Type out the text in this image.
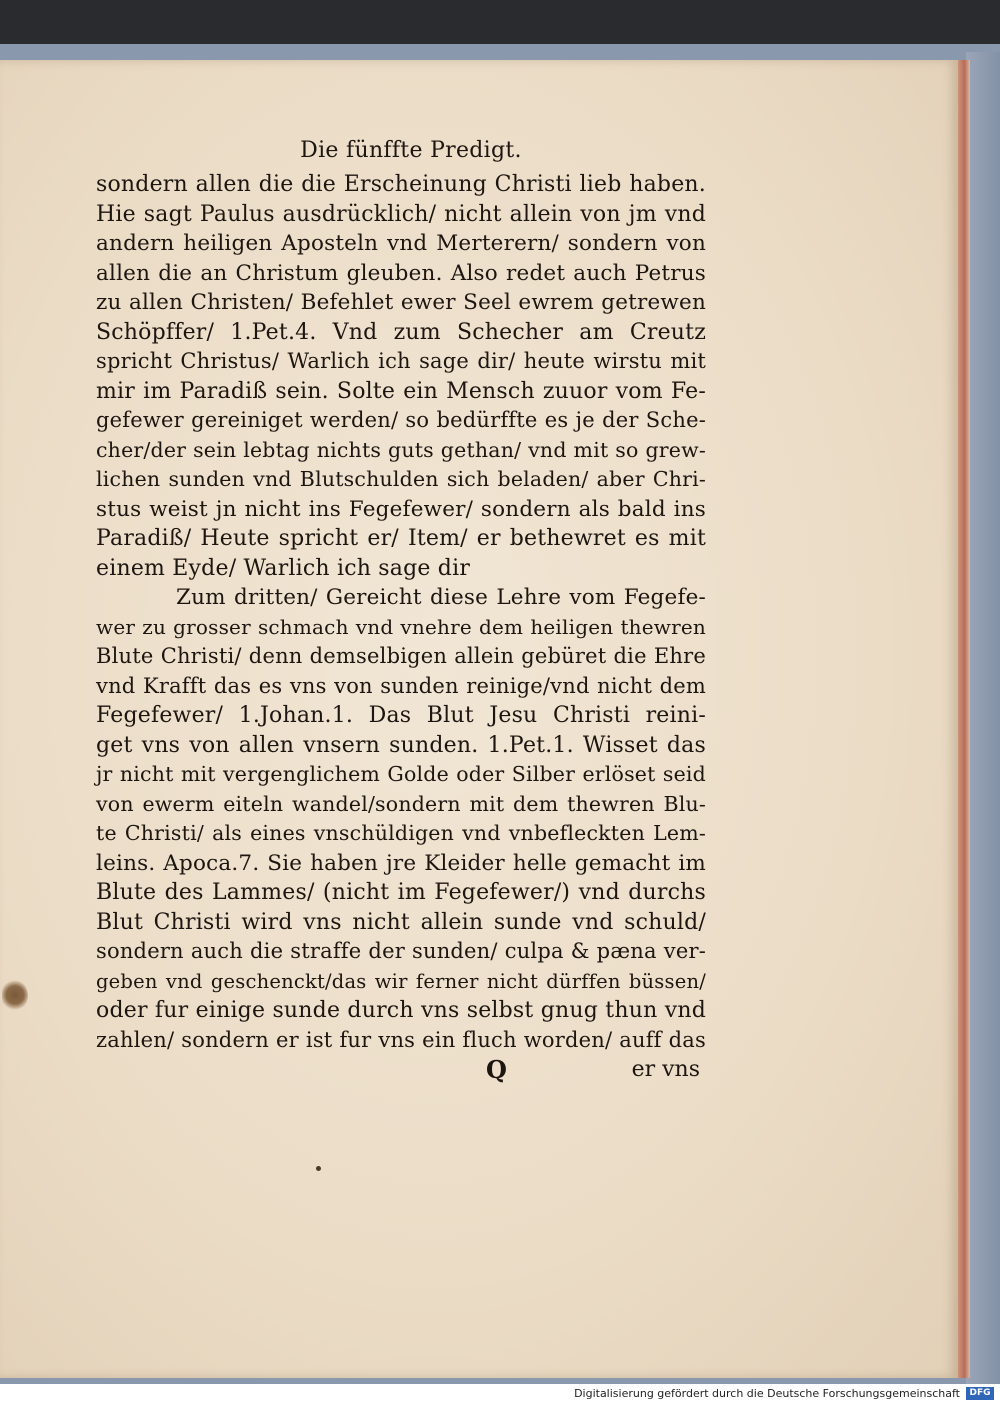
Die fünffte Predigt.
sondern allen die die Erscheinung Christi lieb haben.
Hie sagt Paulus ausdrücklich/ nicht allein von jm vnd
andern heiligen Aposteln vnd Merterern/ sondern von
allen die an Christum gleuben. Also redet auch Petrus
zu allen Christen/ Befehlet ewer Seel ewrem getrewen
Schöpffer/ 1.Pet.4. Vnd zum Schecher am Creutz
spricht Christus/ Warlich ich sage dir/ heute wirstu mit
mir im Paradiß sein. Solte ein Mensch zuuor vom Fe-
gefewer gereiniget werden/ so bedürffte es je der Sche-
cher/der sein lebtag nichts guts gethan/ vnd mit so grew-
lichen sunden vnd Blutschulden sich beladen/ aber Chri-
stus weist jn nicht ins Fegefewer/ sondern als bald ins
Paradiß/ Heute spricht er/ Item/ er bethewret es mit
einem Eyde/ Warlich ich sage dir
Zum dritten/ Gereicht diese Lehre vom Fegefe-
wer zu grosser schmach vnd vnehre dem heiligen thewren
Blute Christi/ denn demselbigen allein gebüret die Ehre
vnd Krafft das es vns von sunden reinige/vnd nicht dem
Fegefewer/ 1.Johan.1. Das Blut Jesu Christi reini-
get vns von allen vnsern sunden. 1.Pet.1. Wisset das
jr nicht mit vergenglichem Golde oder Silber erlöset seid
von ewerm eiteln wandel/sondern mit dem thewren Blu-
te Christi/ als eines vnschüldigen vnd vnbefleckten Lem-
leins. Apoca.7. Sie haben jre Kleider helle gemacht im
Blute des Lammes/ (nicht im Fegefewer/) vnd durchs
Blut Christi wird vns nicht allein sunde vnd schuld/
sondern auch die straffe der sunden/ culpa & pæna ver-
geben vnd geschenckt/das wir ferner nicht dürffen büssen/
oder fur einige sunde durch vns selbst gnug thun vnd
zahlen/ sondern er ist fur vns ein fluch worden/ auff das
Q	er vns
Digitalisierung gefördert durch die Deutsche Forschungsgemeinschaft	DFG
